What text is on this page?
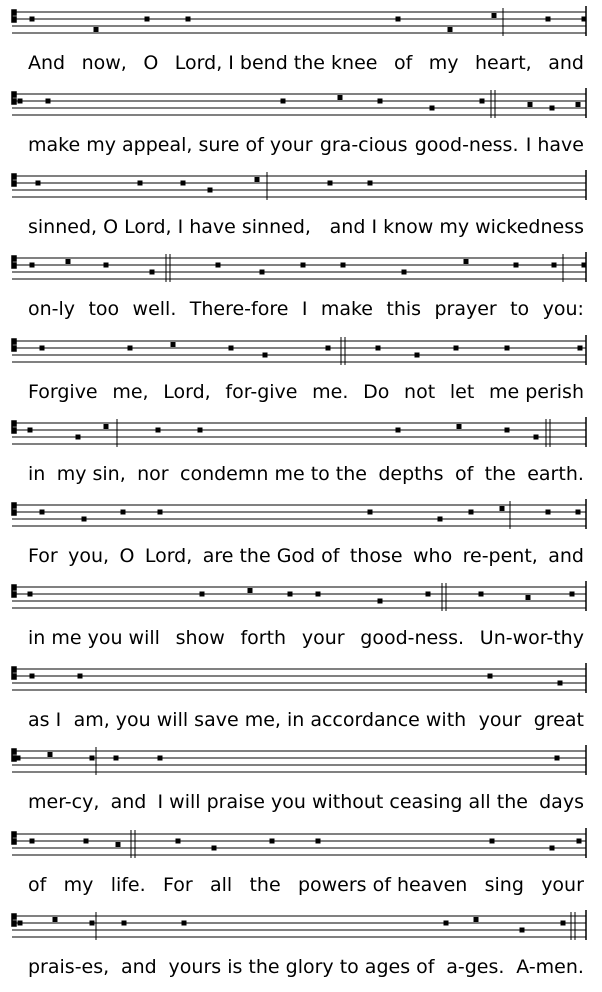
And now, O Lord, I bend the knee of my heart, and
make my appeal, sure of your gra-cious good-ness. I have
sinned, O Lord, I have sinned, and I know my wickedness
on-ly too well. There-fore I make this prayer to you:
Forgive me, Lord, for-give me. Do not let me perish
in my sin, nor condemn me to the depths of the earth.
For you, O Lord, are the God of those who re-pent, and
in me you will show forth your good-ness. Un-wor-thy
as I am, you will save me, in accordance with your great
mer-cy, and I will praise you without ceasing all the days
of my life. For all the powers of heaven sing your
prais-es, and yours is the glory to ages of a-ges. A-men.
